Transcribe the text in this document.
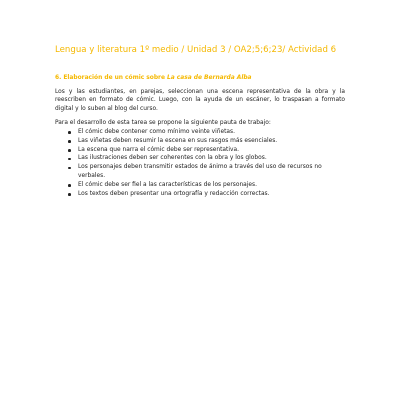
Lengua y literatura 1º medio / Unidad 3 / OA2;5;6;23/ Actividad 6
6. Elaboración de un cómic sobre La casa de Bernarda Alba

Los y las estudiantes, en parejas, seleccionan una escena representativa de la obra y la reescriben en formato de cómic. Luego, con la ayuda de un escáner, lo traspasan a formato digital y lo suben al blog del curso.

Para el desarrollo de esta tarea se propone la siguiente pauta de trabajo:

El cómic debe contener como mínimo veinte viñetas.
Las viñetas deben resumir la escena en sus rasgos más esenciales.
La escena que narra el cómic debe ser representativa.
Las ilustraciones deben ser coherentes con la obra y los globos.
Los personajes deben transmitir estados de ánimo a través del uso de recursos no verbales.
El cómic debe ser fiel a las características de los personajes.
Los textos deben presentar una ortografía y redacción correctas.
